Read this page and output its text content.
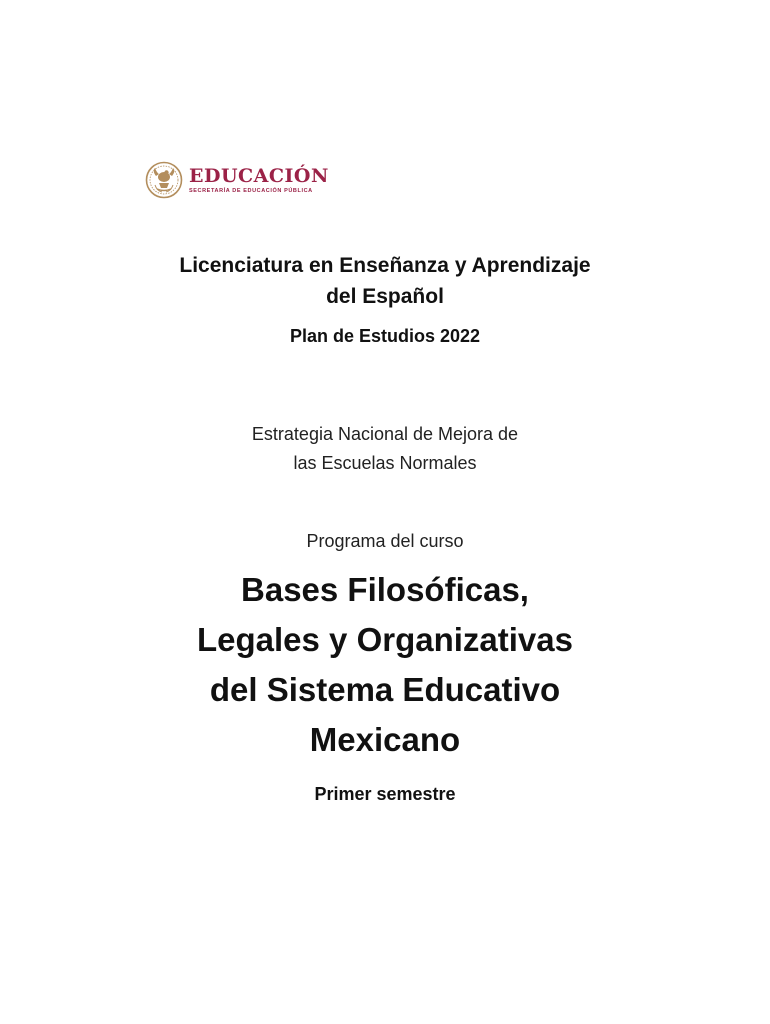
EDUCACIÓN
SECRETARÍA DE EDUCACIÓN PÚBLICA
Licenciatura en Enseñanza y Aprendizaje
del Español

Plan de Estudios 2022

Estrategia Nacional de Mejora de
las Escuelas Normales

Programa del curso

Bases Filosóficas,
Legales y Organizativas
del Sistema Educativo
Mexicano

Primer semestre
